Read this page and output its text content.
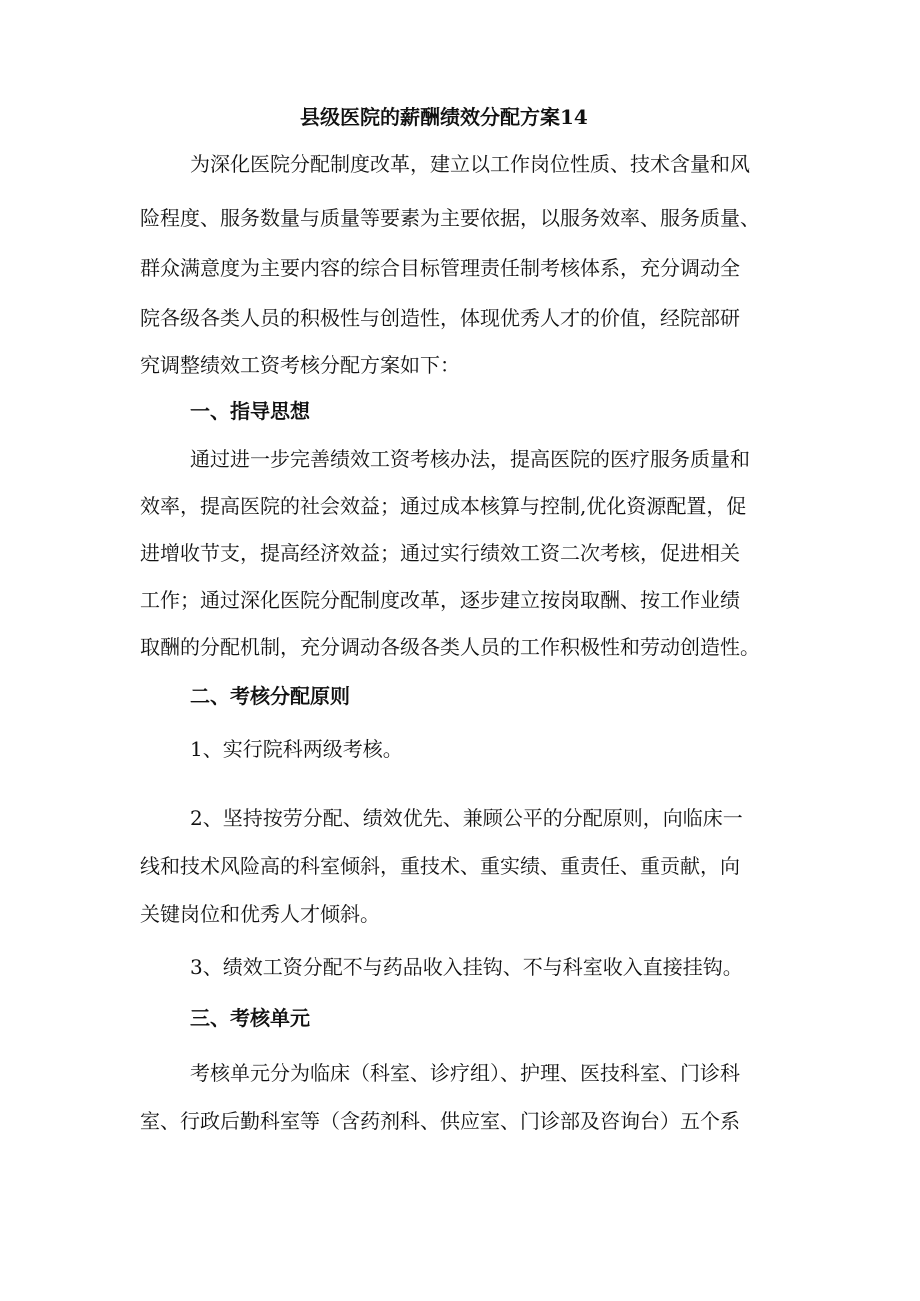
县级医院的薪酬绩效分配方案14

为深化医院分配制度改革，建立以工作岗位性质、技术含量和风

险程度、服务数量与质量等要素为主要依据，以服务效率、服务质量、

群众满意度为主要内容的综合目标管理责任制考核体系，充分调动全

院各级各类人员的积极性与创造性，体现优秀人才的价值，经院部研

究调整绩效工资考核分配方案如下：

一、指导思想

通过进一步完善绩效工资考核办法，提高医院的医疗服务质量和

效率，提高医院的社会效益；通过成本核算与控制,优化资源配置，促

进增收节支，提高经济效益；通过实行绩效工资二次考核，促进相关

工作；通过深化医院分配制度改革，逐步建立按岗取酬、按工作业绩

取酬的分配机制，充分调动各级各类人员的工作积极性和劳动创造性。

二、考核分配原则

1、实行院科两级考核。

2、坚持按劳分配、绩效优先、兼顾公平的分配原则，向临床一

线和技术风险高的科室倾斜，重技术、重实绩、重责任、重贡献，向

关键岗位和优秀人才倾斜。

3、绩效工资分配不与药品收入挂钩、不与科室收入直接挂钩。

三、考核单元

考核单元分为临床（科室、诊疗组）、护理、医技科室、门诊科

室、行政后勤科室等（含药剂科、供应室、门诊部及咨询台）五个系
